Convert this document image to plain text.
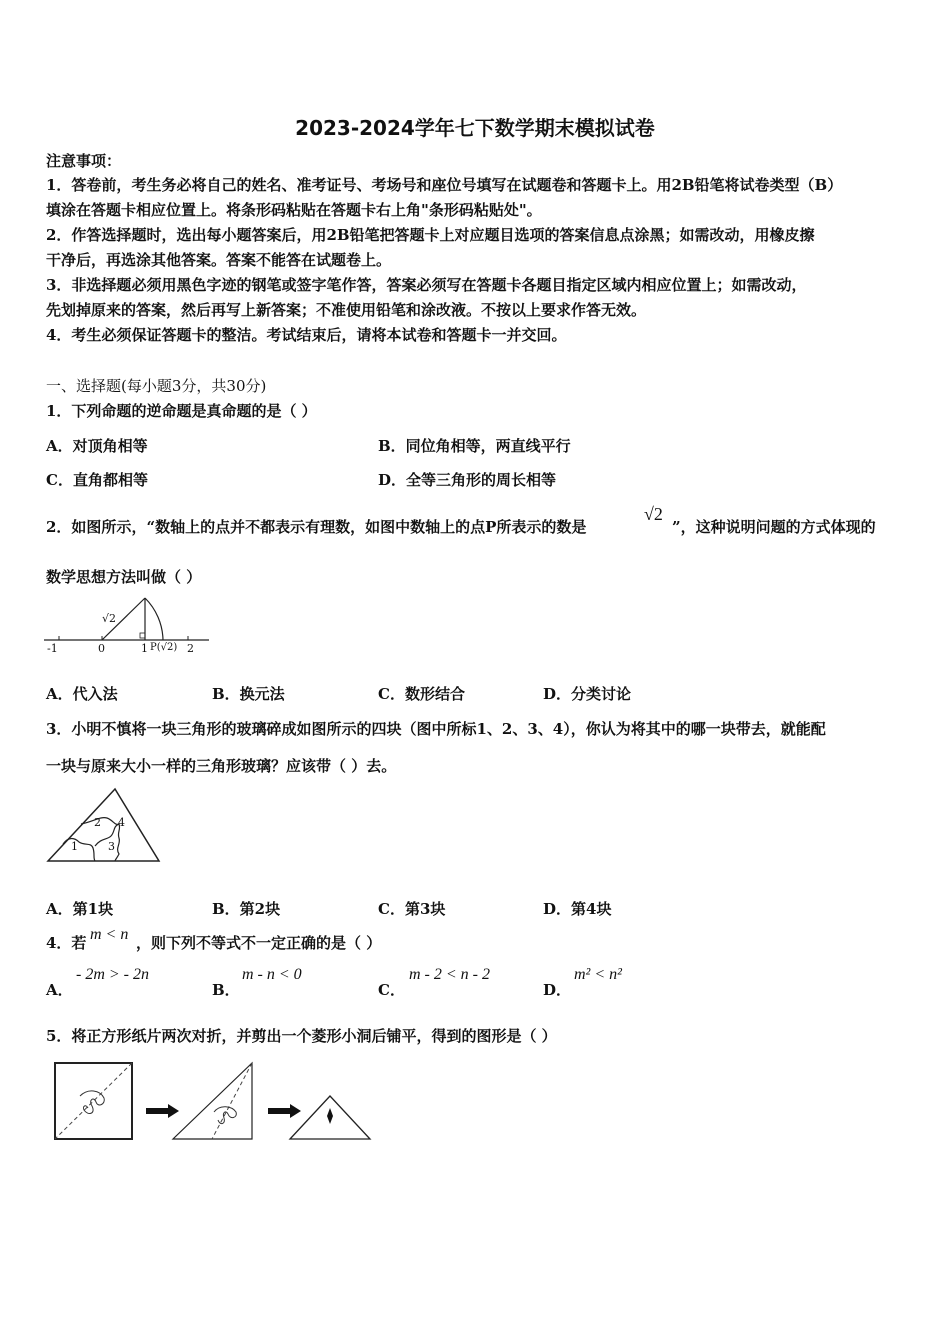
2023-2024学年七下数学期末模拟试卷
注意事项：
1．答卷前，考生务必将自己的姓名、准考证号、考场号和座位号填写在试题卷和答题卡上。用2B铅笔将试卷类型（B）
填涂在答题卡相应位置上。将条形码粘贴在答题卡右上角"条形码粘贴处"。
2．作答选择题时，选出每小题答案后，用2B铅笔把答题卡上对应题目选项的答案信息点涂黑；如需改动，用橡皮擦
干净后，再选涂其他答案。答案不能答在试题卷上。
3．非选择题必须用黑色字迹的钢笔或签字笔作答，答案必须写在答题卡各题目指定区域内相应位置上；如需改动，
先划掉原来的答案，然后再写上新答案；不准使用铅笔和涂改液。不按以上要求作答无效。
4．考生必须保证答题卡的整洁。考试结束后，请将本试卷和答题卡一并交回。
一、选择题(每小题3分，共30分)
1．下列命题的逆命题是真命题的是（ ）
A．对顶角相等	B．同位角相等，两直线平行
C．直角都相等	D．全等三角形的周长相等
2．如图所示，“数轴上的点并不都表示有理数，如图中数轴上的点P所表示的数是
√2
”，这种说明问题的方式体现的
数学思想方法叫做（ ）
√2
-1	0	1 P(√2) 2
A．代入法	B．换元法	C．数形结合	D．分类讨论
3．小明不慎将一块三角形的玻璃碎成如图所示的四块（图中所标1、2、3、4），你认为将其中的哪一块带去，就能配
一块与原来大小一样的三角形玻璃？应该带（ ）去。
1
2
3
4
A．第1块	B．第2块	C．第3块	D．第4块
4．若 m < n ，则下列不等式不一定正确的是（ ）
A．
- 2m > - 2n
B．
m - n < 0
C．
m - 2 < n - 2
D．
m² < n²
5．将正方形纸片两次对折，并剪出一个菱形小洞后铺平，得到的图形是（ ）
